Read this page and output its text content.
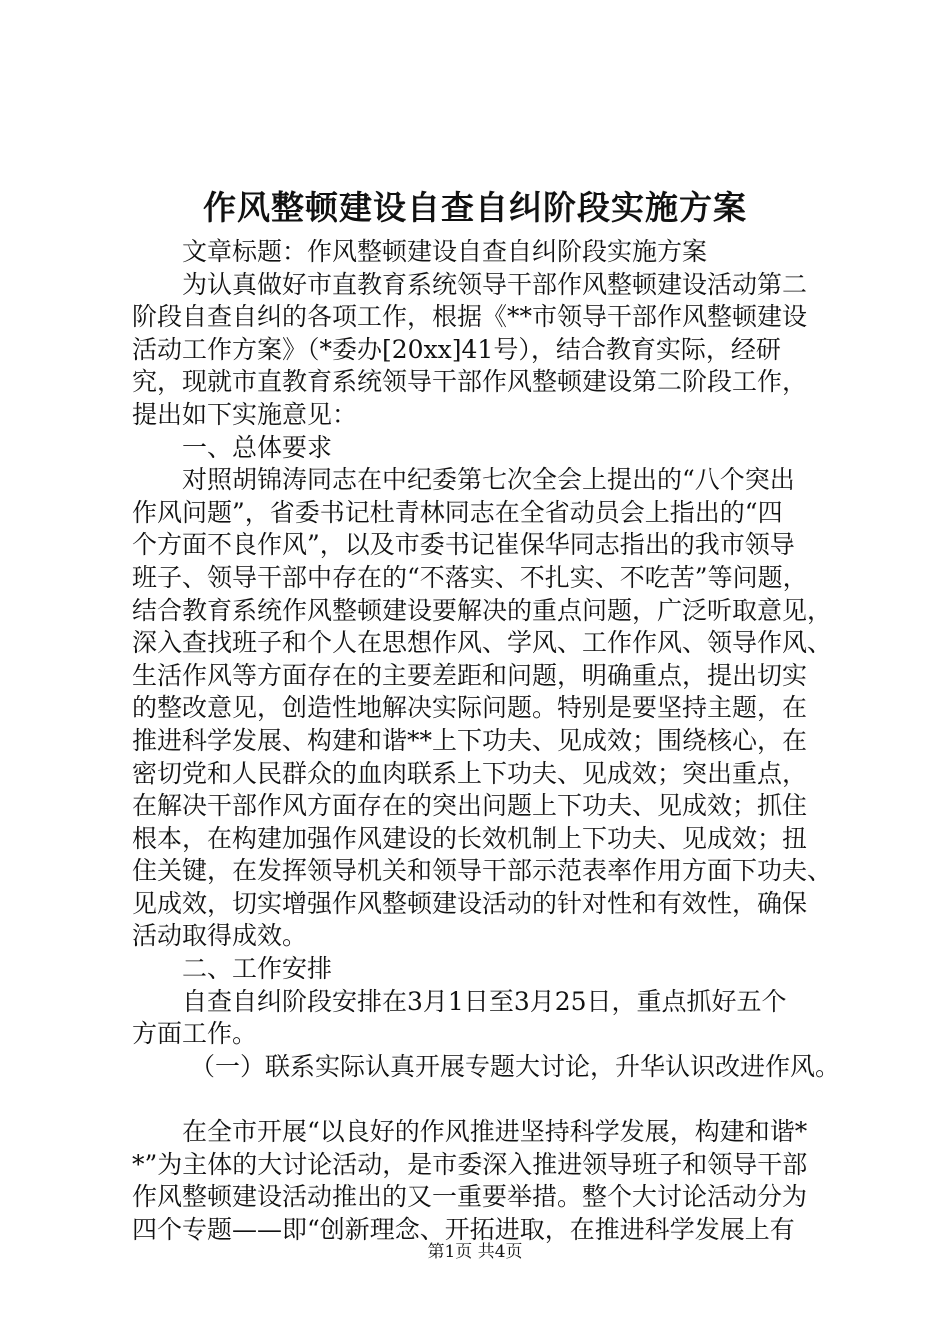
作风整顿建设自查自纠阶段实施方案
文章标题：作风整顿建设自查自纠阶段实施方案
为认真做好市直教育系统领导干部作风整顿建设活动第二
阶段自查自纠的各项工作，根据《**市领导干部作风整顿建设
活动工作方案》（*委办[20xx]41号），结合教育实际，经研
究，现就市直教育系统领导干部作风整顿建设第二阶段工作，
提出如下实施意见：
一、总体要求
对照胡锦涛同志在中纪委第七次全会上提出的“八个突出
作风问题”，省委书记杜青林同志在全省动员会上指出的“四
个方面不良作风”，以及市委书记崔保华同志指出的我市领导
班子、领导干部中存在的“不落实、不扎实、不吃苦”等问题，
结合教育系统作风整顿建设要解决的重点问题，广泛听取意见，
深入查找班子和个人在思想作风、学风、工作作风、领导作风、
生活作风等方面存在的主要差距和问题，明确重点，提出切实
的整改意见，创造性地解决实际问题。特别是要坚持主题，在
推进科学发展、构建和谐**上下功夫、见成效；围绕核心，在
密切党和人民群众的血肉联系上下功夫、见成效；突出重点，
在解决干部作风方面存在的突出问题上下功夫、见成效；抓住
根本，在构建加强作风建设的长效机制上下功夫、见成效；扭
住关键，在发挥领导机关和领导干部示范表率作用方面下功夫、
见成效，切实增强作风整顿建设活动的针对性和有效性，确保
活动取得成效。
二、工作安排
自查自纠阶段安排在3月1日至3月25日，重点抓好五个
方面工作。
（一）联系实际认真开展专题大讨论，升华认识改进作风。
在全市开展“以良好的作风推进坚持科学发展，构建和谐*
*”为主体的大讨论活动，是市委深入推进领导班子和领导干部
作风整顿建设活动推出的又一重要举措。整个大讨论活动分为
四个专题——即“创新理念、开拓进取，在推进科学发展上有
第1页 共4页
